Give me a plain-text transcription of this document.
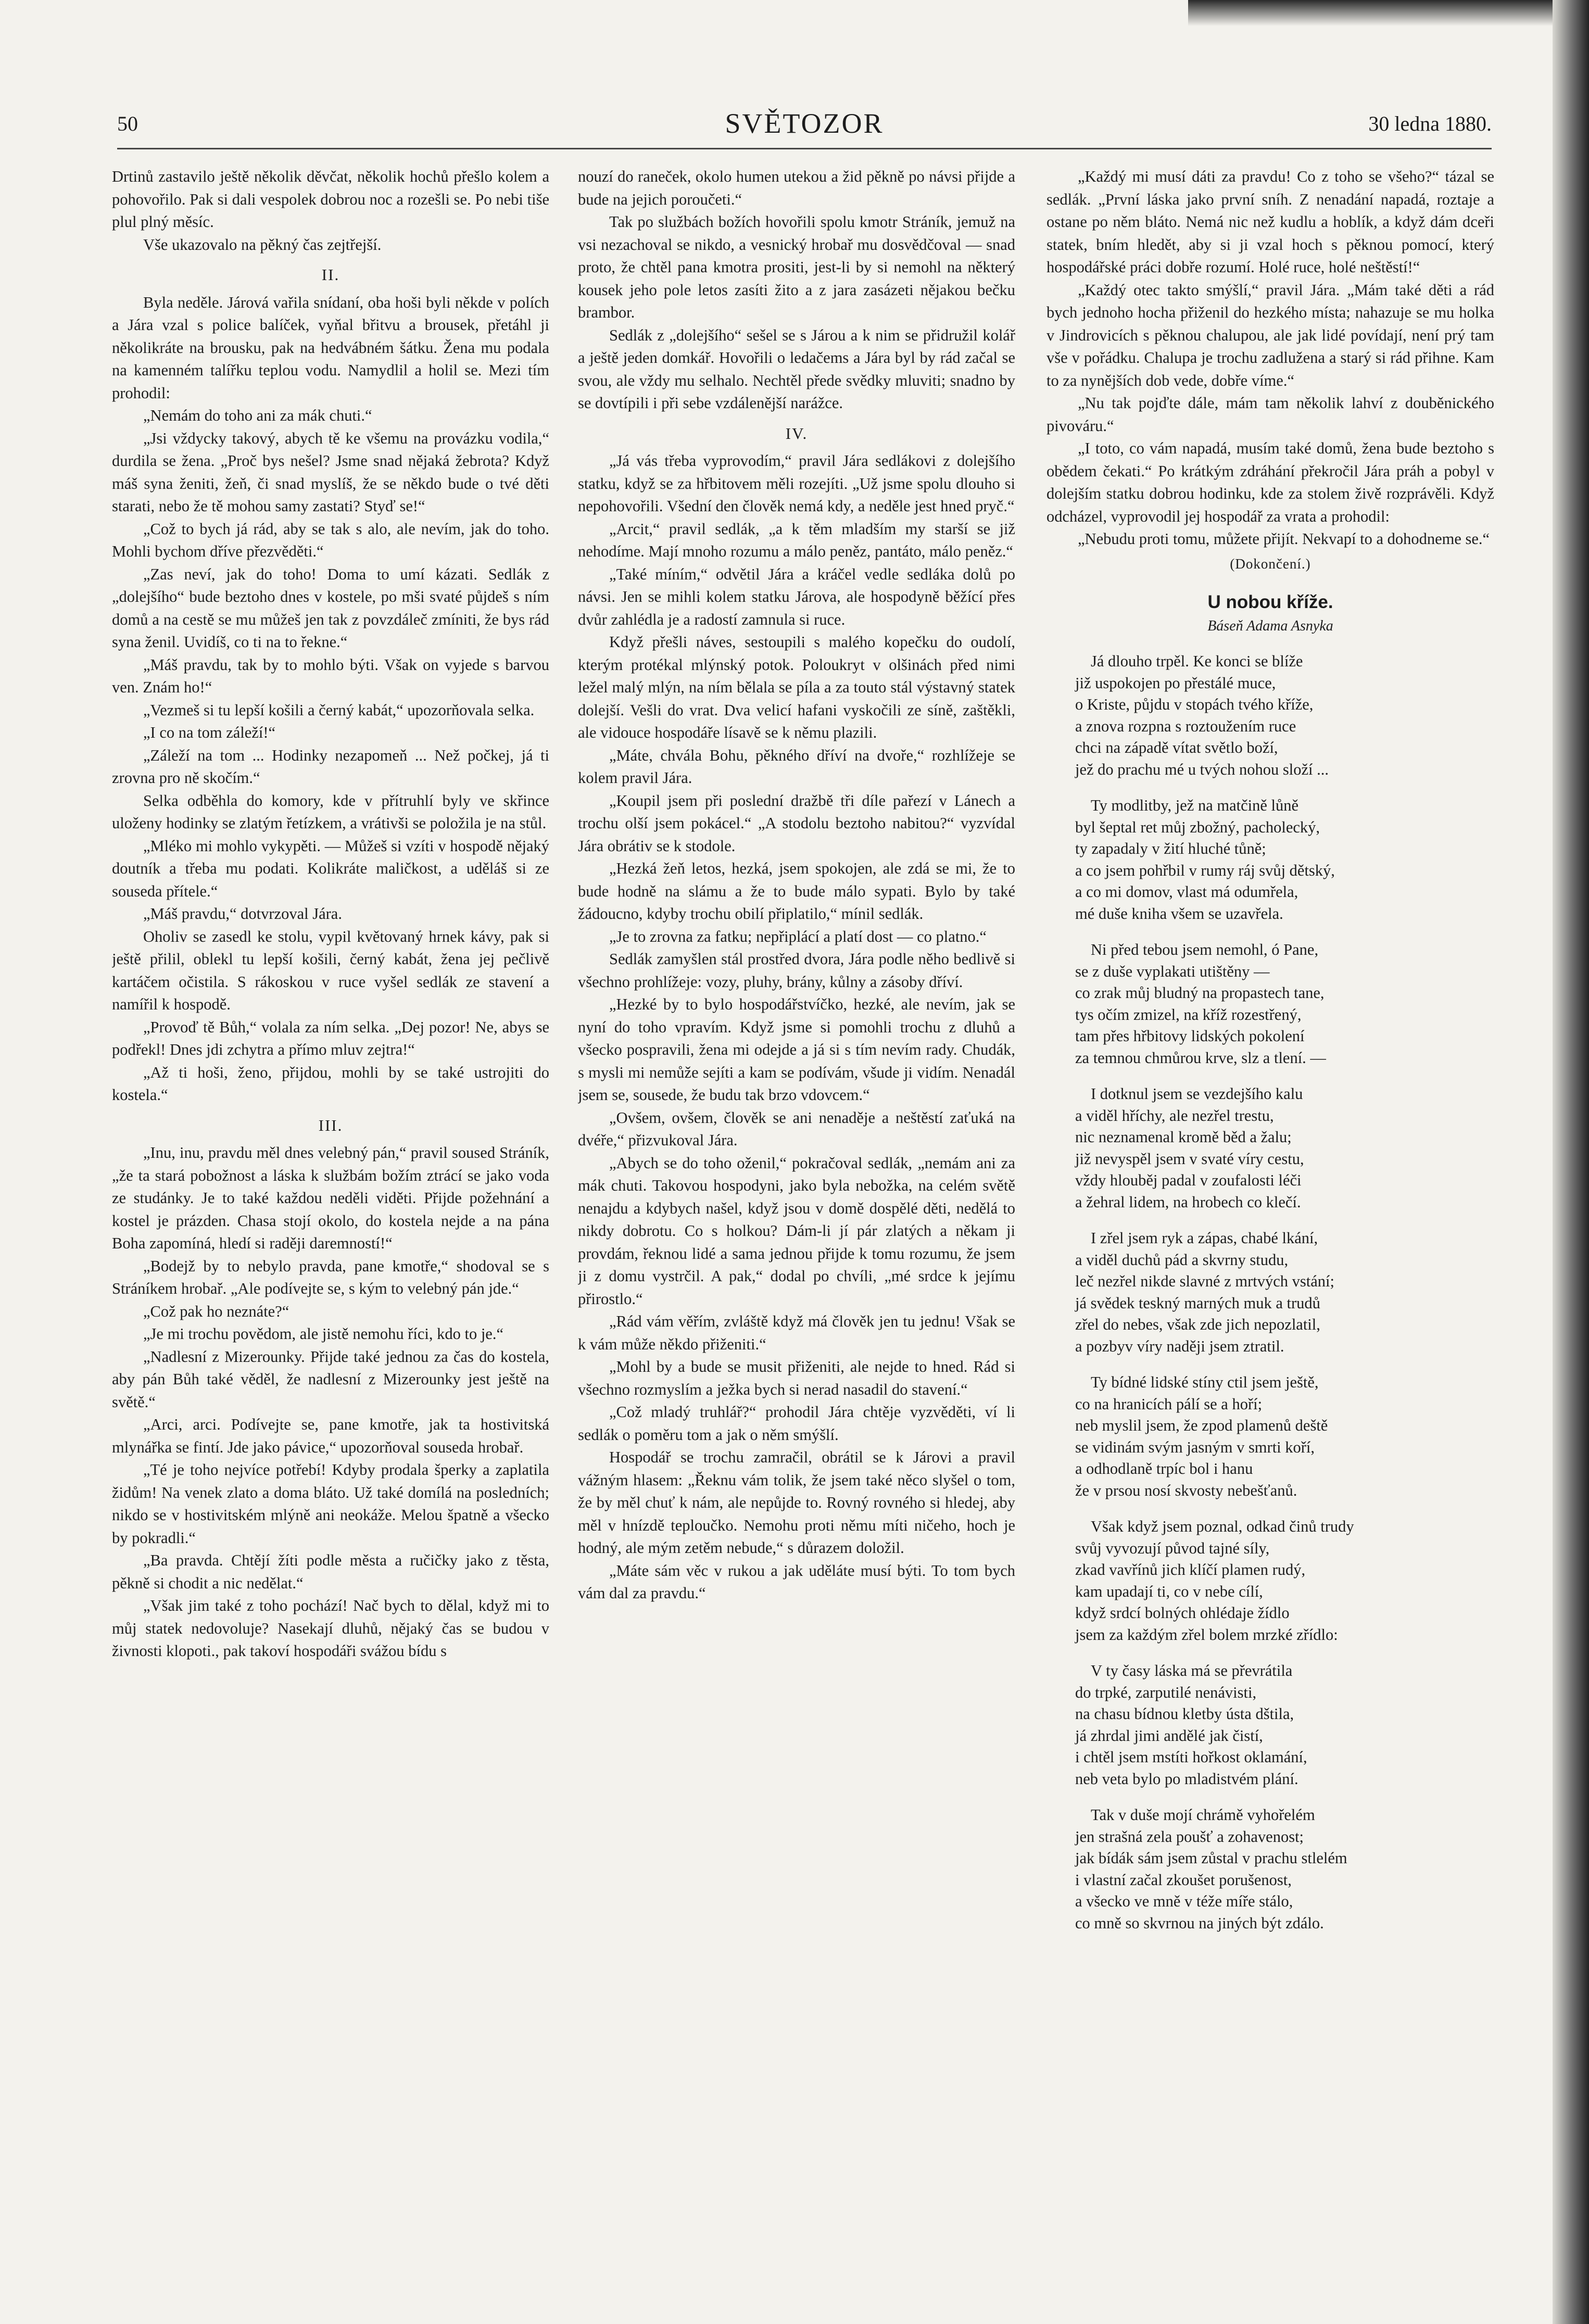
50	SVĚTOZOR	30 ledna 1880.

Drtinů zastavilo ještě několik děvčat, několik hochů přešlo kolem a pohovořilo. Pak si dali vespolek dobrou noc a rozešli se. Po nebi tiše plul plný měsíc.

Vše ukazovalo na pěkný čas zejtřejší.

II.

Byla neděle. Járová vařila snídaní, oba hoši byli někde v polích a Jára vzal s police balíček, vyňal břitvu a brousek, přetáhl ji několikráte na brousku, pak na hedvábném šátku. Žena mu podala na kamenném talířku teplou vodu. Namydlil a holil se. Mezi tím prohodil:

„Nemám do toho ani za mák chuti.“

„Jsi vždycky takový, abych tě ke všemu na provázku vodila,“ durdila se žena. „Proč bys nešel? Jsme snad nějaká žebrota? Když máš syna ženiti, žeň, či snad myslíš, že se někdo bude o tvé děti starati, nebo že tě mohou samy zastati? Styď se!“

„Což to bych já rád, aby se tak s alo, ale nevím, jak do toho. Mohli bychom dříve přezvěděti.“

„Zas neví, jak do toho! Doma to umí kázati. Sedlák z „dolejšího“ bude beztoho dnes v kostele, po mši svaté půjdeš s ním domů a na cestě se mu můžeš jen tak z povzdáleč zmíniti, že bys rád syna ženil. Uvidíš, co ti na to řekne.“

„Máš pravdu, tak by to mohlo býti. Však on vyjede s barvou ven. Znám ho!“

„Vezmeš si tu lepší košili a černý kabát,“ upozorňovala selka.

„I co na tom záleží!“

„Záleží na tom ... Hodinky nezapomeň ... Než počkej, já ti zrovna pro ně skočím.“

Selka odběhla do komory, kde v přítruhlí byly ve skřince uloženy hodinky se zlatým řetízkem, a vrátivši se položila je na stůl.

„Mléko mi mohlo vykypěti. — Můžeš si vzíti v hospodě nějaký doutník a třeba mu podati. Kolikráte maličkost, a uděláš si ze souseda přítele.“

„Máš pravdu,“ dotvrzoval Jára.

Oholiv se zasedl ke stolu, vypil květovaný hrnek kávy, pak si ještě přilil, oblekl tu lepší košili, černý kabát, žena jej pečlivě kartáčem očistila. S rákoskou v ruce vyšel sedlák ze stavení a namířil k hospodě.

„Provoď tě Bůh,“ volala za ním selka. „Dej pozor! Ne, abys se podřekl! Dnes jdi zchytra a přímo mluv zejtra!“

„Až ti hoši, ženo, přijdou, mohli by se také ustrojiti do kostela.“

III.

„Inu, inu, pravdu měl dnes velebný pán,“ pravil soused Stráník, „že ta stará pobožnost a láska k službám božím ztrácí se jako voda ze studánky. Je to také každou neděli viděti. Přijde požehnání a kostel je prázden. Chasa stojí okolo, do kostela nejde a na pána Boha zapomíná, hledí si raději daremností!“

„Bodejž by to nebylo pravda, pane kmotře,“ shodoval se s Stráníkem hrobař. „Ale podívejte se, s kým to velebný pán jde.“

„Což pak ho neznáte?“

„Je mi trochu povědom, ale jistě nemohu říci, kdo to je.“

„Nadlesní z Mizerounky. Přijde také jednou za čas do kostela, aby pán Bůh také věděl, že nadlesní z Mizerounky jest ještě na světě.“

„Arci, arci. Podívejte se, pane kmotře, jak ta hostivitská mlynářka se fintí. Jde jako pávice,“ upozorňoval souseda hrobař.

„Té je toho nejvíce potřebí! Kdyby prodala šperky a zaplatila židům! Na venek zlato a doma bláto. Už také domílá na posledních; nikdo se v hostivitském mlýně ani neokáže. Melou špatně a všecko by pokradli.“

„Ba pravda. Chtějí žíti podle města a ručičky jako z těsta, pěkně si chodit a nic nedělat.“

„Však jim také z toho pochází! Nač bych to dělal, když mi to můj statek nedovoluje? Nasekají dluhů, nějaký čas se budou v živnosti klopoti., pak takoví hospodáři svážou bídu s

nouzí do raneček, okolo humen utekou a žid pěkně po návsi přijde a bude na jejich poroučeti.“

Tak po službách božích hovořili spolu kmotr Stráník, jemuž na vsi nezachoval se nikdo, a vesnický hrobař mu dosvědčoval — snad proto, že chtěl pana kmotra prositi, jest-li by si nemohl na některý kousek jeho pole letos zasíti žito a z jara zasázeti nějakou bečku brambor.

Sedlák z „dolejšího“ sešel se s Járou a k nim se přidružil kolář a ještě jeden domkář. Hovořili o ledačems a Jára byl by rád začal se svou, ale vždy mu selhalo. Nechtěl přede svědky mluviti; snadno by se dovtípili i při sebe vzdálenější narážce.

IV.

„Já vás třeba vyprovodím,“ pravil Jára sedlákovi z dolejšího statku, když se za hřbitovem měli rozejíti. „Už jsme spolu dlouho si nepohovořili. Všední den člověk nemá kdy, a neděle jest hned pryč.“

„Arcit,“ pravil sedlák, „a k těm mladším my starší se již nehodíme. Mají mnoho rozumu a málo peněz, pantáto, málo peněz.“

„Také míním,“ odvětil Jára a kráčel vedle sedláka dolů po návsi. Jen se mihli kolem statku Járova, ale hospodyně běžící přes dvůr zahlédla je a radostí zamnula si ruce.

Když přešli náves, sestoupili s malého kopečku do oudolí, kterým protékal mlýnský potok. Poloukryt v olšinách před nimi ležel malý mlýn, na ním bělala se píla a za touto stál výstavný statek dolejší. Vešli do vrat. Dva velicí hafani vyskočili ze síně, zaštěkli, ale vidouce hospodáře lísavě se k němu plazili.

„Máte, chvála Bohu, pěkného dříví na dvoře,“ rozhlížeje se kolem pravil Jára.

„Koupil jsem při poslední dražbě tři díle pařezí v Lánech a trochu olší jsem pokácel.“ „A stodolu beztoho nabitou?“ vyzvídal Jára obrátiv se k stodole.

„Hezká žeň letos, hezká, jsem spokojen, ale zdá se mi, že to bude hodně na slámu a že to bude málo sypati. Bylo by také žádoucno, kdyby trochu obilí připlatilo,“ mínil sedlák.

„Je to zrovna za fatku; nepřiplácí a platí dost — co platno.“

Sedlák zamyšlen stál prostřed dvora, Jára podle něho bedlivě si všechno prohlížeje: vozy, pluhy, brány, kůlny a zásoby dříví.

„Hezké by to bylo hospodářstvíčko, hezké, ale nevím, jak se nyní do toho vpravím. Když jsme si pomohli trochu z dluhů a všecko pospravili, žena mi odejde a já si s tím nevím rady. Chudák, s mysli mi nemůže sejíti a kam se podívám, všude ji vidím. Nenadál jsem se, sousede, že budu tak brzo vdovcem.“

„Ovšem, ovšem, člověk se ani nenaděje a neštěstí zaťuká na dvéře,“ přizvukoval Jára.

„Abych se do toho oženil,“ pokračoval sedlák, „nemám ani za mák chuti. Takovou hospodyni, jako byla nebožka, na celém světě nenajdu a kdybych našel, když jsou v domě dospělé děti, nedělá to nikdy dobrotu. Co s holkou? Dám-li jí pár zlatých a někam ji provdám, řeknou lidé a sama jednou přijde k tomu rozumu, že jsem ji z domu vystrčil. A pak,“ dodal po chvíli, „mé srdce k jejímu přirostlo.“

„Rád vám věřím, zvláště když má člověk jen tu jednu! Však se k vám může někdo přiženiti.“

„Mohl by a bude se musit přiženiti, ale nejde to hned. Rád si všechno rozmyslím a ježka bych si nerad nasadil do stavení.“

„Což mladý truhlář?“ prohodil Jára chtěje vyzvěděti, ví li sedlák o poměru tom a jak o něm smýšlí.

Hospodář se trochu zamračil, obrátil se k Járovi a pravil vážným hlasem: „Řeknu vám tolik, že jsem také něco slyšel o tom, že by měl chuť k nám, ale nepůjde to. Rovný rovného si hledej, aby měl v hnízdě teploučko. Nemohu proti němu míti ničeho, hoch je hodný, ale mým zetěm nebude,“ s důrazem doložil.

„Máte sám věc v rukou a jak uděláte musí býti. To tom bych vám dal za pravdu.“

„Každý mi musí dáti za pravdu! Co z toho se všeho?“ tázal se sedlák. „První láska jako první sníh. Z nenadání napadá, roztaje a ostane po něm bláto. Nemá nic než kudlu a hoblík, a když dám dceři statek, bním hledět, aby si ji vzal hoch s pěknou pomocí, který hospodářské práci dobře rozumí. Holé ruce, holé neštěstí!“

„Každý otec takto smýšlí,“ pravil Jára. „Mám také děti a rád bych jednoho hocha přiženil do hezkého místa; nahazuje se mu holka v Jindrovicích s pěknou chalupou, ale jak lidé povídají, není prý tam vše v pořádku. Chalupa je trochu zadlužena a starý si rád přihne. Kam to za nynějších dob vede, dobře víme.“

„Nu tak pojďte dále, mám tam několik lahví z douběnického pivováru.“

„I toto, co vám napadá, musím také domů, žena bude beztoho s obědem čekati.“ Po krátkým zdráhání překročil Jára práh a pobyl v dolejším statku dobrou hodinku, kde za stolem živě rozprávěli. Když odcházel, vyprovodil jej hospodář za vrata a prohodil:

„Nebudu proti tomu, můžete přijít. Nekvapí to a dohodneme se.“

(Dokončení.)
U nobou kříže.
Báseň Adama Asnyka
Já dlouho trpěl. Ke konci se blíže
již uspokojen po přestálé muce,
o Kriste, půjdu v stopách tvého kříže,
a znova rozpna s roztoužením ruce
chci na západě vítat světlo boží,
jež do prachu mé u tvých nohou složí ...
Ty modlitby, jež na matčině lůně
byl šeptal ret můj zbožný, pacholecký,
ty zapadaly v žití hluché tůně;
a co jsem pohřbil v rumy ráj svůj dětský,
a co mi domov, vlast má odumřela,
mé duše kniha všem se uzavřela.
Ni před tebou jsem nemohl, ó Pane,
se z duše vyplakati utištěny —
co zrak můj bludný na propastech tane,
tys očím zmizel, na kříž rozestřený,
tam přes hřbitovy lidských pokolení
za temnou chmůrou krve, slz a tlení. —
I dotknul jsem se vezdejšího kalu
a viděl hříchy, ale nezřel trestu,
nic neznamenal kromě běd a žalu;
již nevyspěl jsem v svaté víry cestu,
vždy hlouběj padal v zoufalosti léči
a žehral lidem, na hrobech co klečí.
I zřel jsem ryk a zápas, chabé lkání,
a viděl duchů pád a skvrny studu,
leč nezřel nikde slavné z mrtvých vstání;
já svědek teskný marných muk a trudů
zřel do nebes, však zde jich nepozlatil,
a pozbyv víry naději jsem ztratil.
Ty bídné lidské stíny ctil jsem ještě,
co na hranicích pálí se a hoří;
neb myslil jsem, že zpod plamenů deště
se vidinám svým jasným v smrti koří,
a odhodlaně trpíc bol i hanu
že v prsou nosí skvosty nebešťanů.
Však když jsem poznal, odkad činů trudy
svůj vyvozují původ tajné síly,
zkad vavřínů jich klíčí plamen rudý,
kam upadají ti, co v nebe cílí,
když srdcí bolných ohlédaje žídlo
jsem za každým zřel bolem mrzké zřídlo:
V ty časy láska má se převrátila
do trpké, zarputilé nenávisti,
na chasu bídnou kletby ústa dštila,
já zhrdal jimi andělé jak čistí,
i chtěl jsem mstíti hořkost oklamání,
neb veta bylo po mladistvém plání.
Tak v duše mojí chrámě vyhořelém
jen strašná zela poušť a zohavenost;
jak bídák sám jsem zůstal v prachu stlelém
i vlastní začal zkoušet porušenost,
a všecko ve mně v téže míře stálo,
co mně so skvrnou na jiných být zdálo.
